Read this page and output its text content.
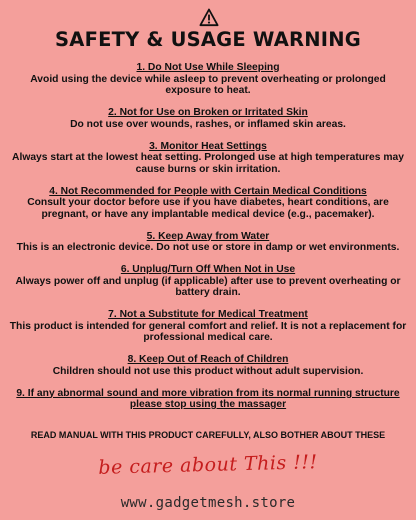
SAFETY & USAGE WARNING
1. Do Not Use While Sleeping
Avoid using the device while asleep to prevent overheating or prolonged exposure to heat.
2. Not for Use on Broken or Irritated Skin
Do not use over wounds, rashes, or inflamed skin areas.
3. Monitor Heat Settings
Always start at the lowest heat setting. Prolonged use at high temperatures may cause burns or skin irritation.
4. Not Recommended for People with Certain Medical Conditions
Consult your doctor before use if you have diabetes, heart conditions, are pregnant, or have any implantable medical device (e.g., pacemaker).
5. Keep Away from Water
This is an electronic device. Do not use or store in damp or wet environments.
6. Unplug/Turn Off When Not in Use
Always power off and unplug (if applicable) after use to prevent overheating or battery drain.
7. Not a Substitute for Medical Treatment
This product is intended for general comfort and relief. It is not a replacement for professional medical care.
8. Keep Out of Reach of Children
Children should not use this product without adult supervision.
9. If any abnormal sound and more vibration from its normal running structure please stop using the massager
READ MANUAL WITH THIS PRODUCT CAREFULLY, ALSO BOTHER ABOUT THESE
be care about This !!!
www.gadgetmesh.store
